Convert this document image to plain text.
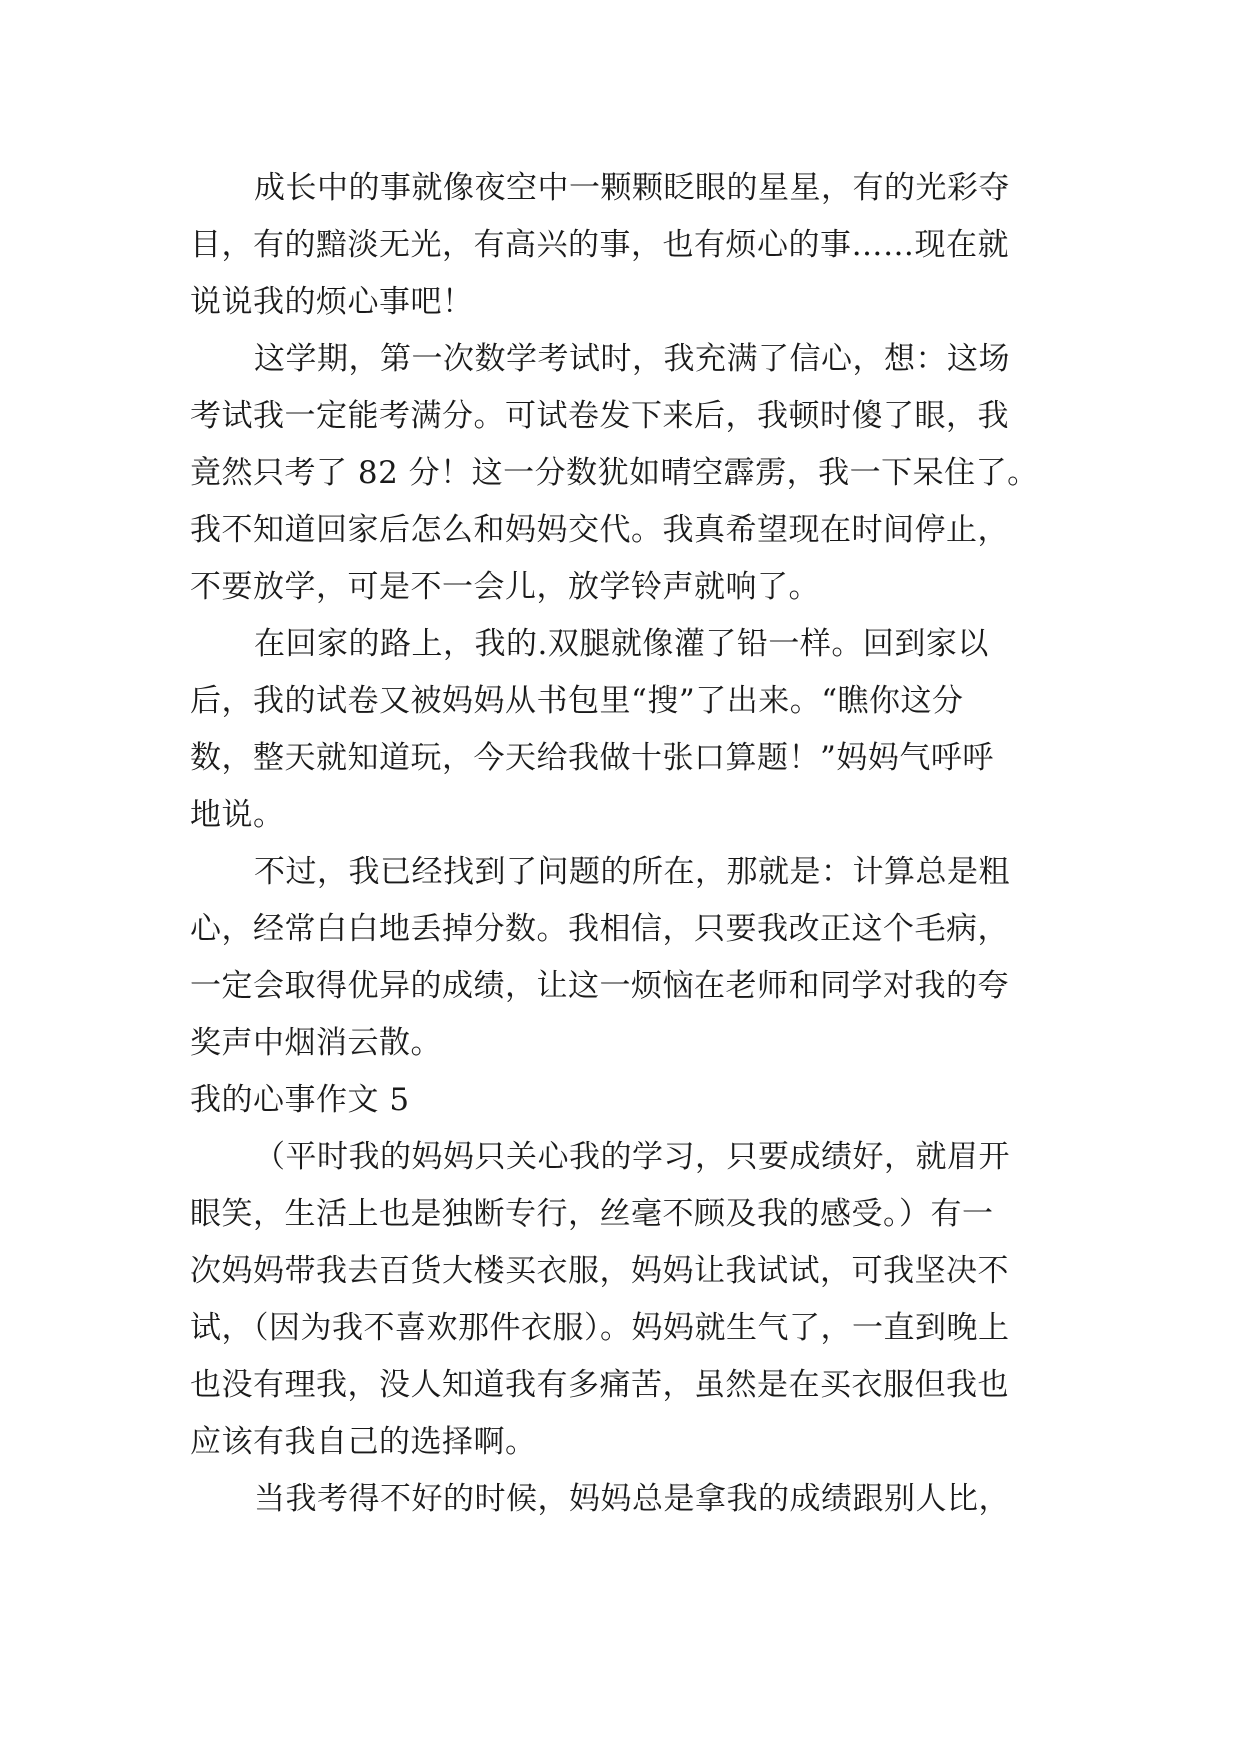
成长中的事就像夜空中一颗颗眨眼的星星，有的光彩夺
目，有的黯淡无光，有高兴的事，也有烦心的事……现在就
说说我的烦心事吧！
这学期，第一次数学考试时，我充满了信心，想：这场
考试我一定能考满分。可试卷发下来后，我顿时傻了眼，我
竟然只考了 82 分！这一分数犹如晴空霹雳，我一下呆住了。
我不知道回家后怎么和妈妈交代。我真希望现在时间停止，
不要放学，可是不一会儿，放学铃声就响了。
在回家的路上，我的.双腿就像灌了铅一样。回到家以
后，我的试卷又被妈妈从书包里“搜”了出来。“瞧你这分
数，整天就知道玩，今天给我做十张口算题！”妈妈气呼呼
地说。
不过，我已经找到了问题的所在，那就是：计算总是粗
心，经常白白地丢掉分数。我相信，只要我改正这个毛病，
一定会取得优异的成绩，让这一烦恼在老师和同学对我的夸
奖声中烟消云散。
我的心事作文 5
（平时我的妈妈只关心我的学习，只要成绩好，就眉开
眼笑，生活上也是独断专行，丝毫不顾及我的感受。）有一
次妈妈带我去百货大楼买衣服，妈妈让我试试，可我坚决不
试，（因为我不喜欢那件衣服）。妈妈就生气了，一直到晚上
也没有理我，没人知道我有多痛苦，虽然是在买衣服但我也
应该有我自己的选择啊。
当我考得不好的时候，妈妈总是拿我的成绩跟别人比，
